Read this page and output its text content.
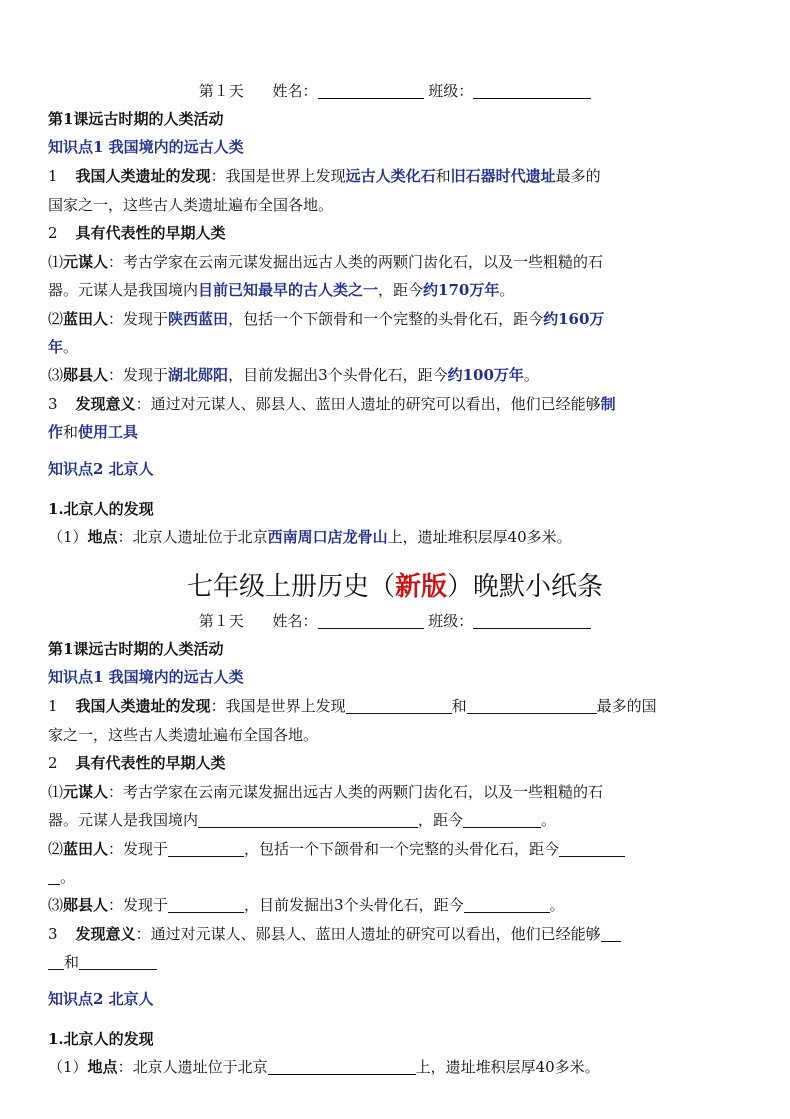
第１天 姓名：	班级：
第1课远古时期的人类活动
知识点1 我国境内的远古人类
1 我国人类遗址的发现：我国是世界上发现远古人类化石和旧石器时代遗址最多的
国家之一，这些古人类遗址遍布全国各地。
2 具有代表性的早期人类
⑴元谋人：考古学家在云南元谋发掘出远古人类的两颗门齿化石，以及一些粗糙的石
器。元谋人是我国境内目前已知最早的古人类之一，距今约170万年。
⑵蓝田人：发现于陕西蓝田，包括一个下颌骨和一个完整的头骨化石，距今约160万
年。
⑶郧县人：发现于湖北郧阳，目前发掘出3个头骨化石，距今约100万年。
3 发现意义：通过对元谋人、郧县人、蓝田人遗址的研究可以看出，他们已经能够制
作和使用工具
知识点2 北京人
1.北京人的发现
（1）地点：北京人遗址位于北京西南周口店龙骨山上，遗址堆积层厚40多米。
七年级上册历史（新版）晚默小纸条
第１天 姓名：	班级：
第1课远古时期的人类活动
知识点1 我国境内的远古人类
1 我国人类遗址的发现：我国是世界上发现	和	最多的国
家之一，这些古人类遗址遍布全国各地。
2 具有代表性的早期人类
⑴元谋人：考古学家在云南元谋发掘出远古人类的两颗门齿化石，以及一些粗糙的石
器。元谋人是我国境内	，距今	。
⑵蓝田人：发现于	，包括一个下颌骨和一个完整的头骨化石，距今
。
⑶郧县人：发现于	，目前发掘出3个头骨化石，距今	。
3 发现意义：通过对元谋人、郧县人、蓝田人遗址的研究可以看出，他们已经能够
和
知识点2 北京人
1.北京人的发现
（1）地点：北京人遗址位于北京	上，遗址堆积层厚40多米。
